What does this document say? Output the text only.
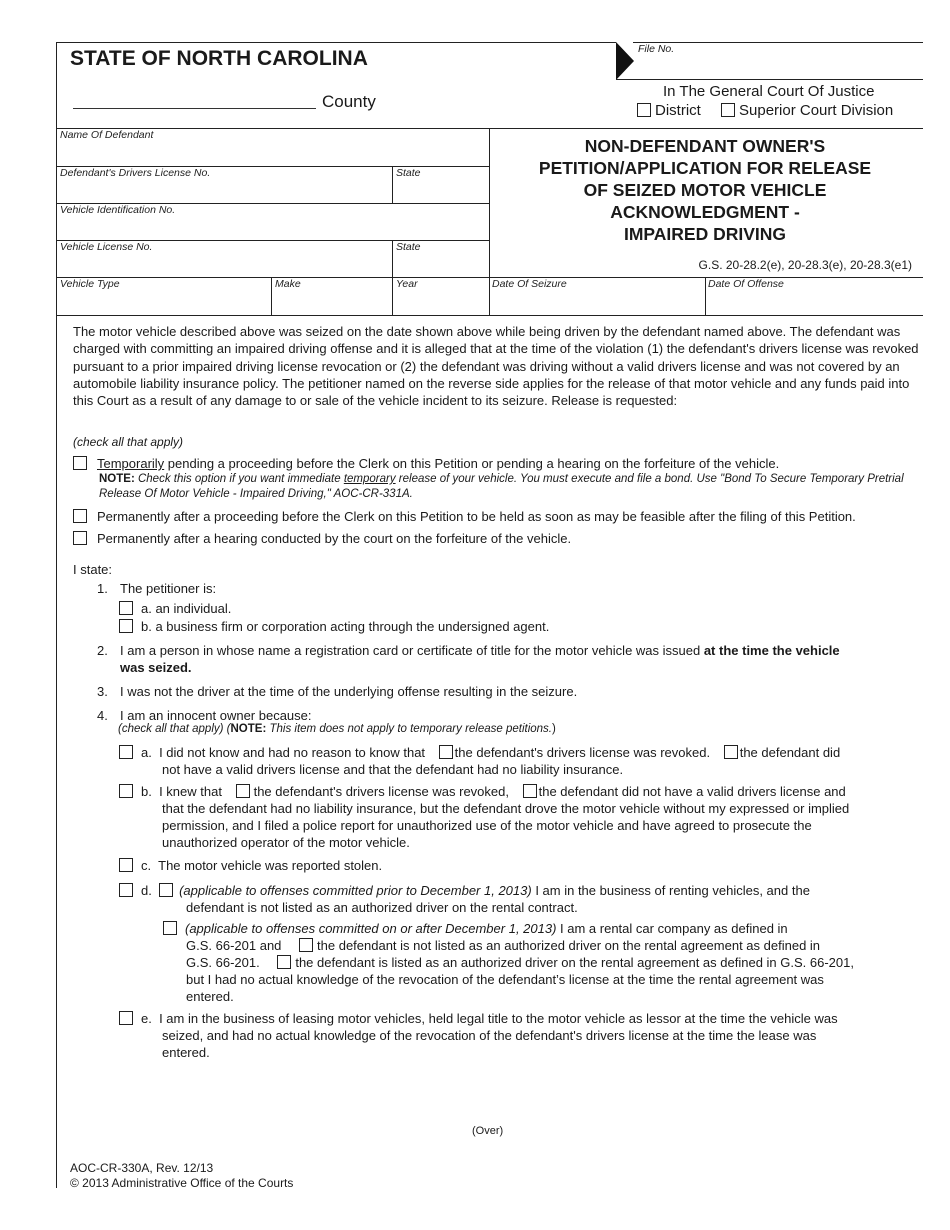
File No.
STATE OF NORTH CAROLINA
County
In The General Court Of Justice
District	Superior Court Division
Name Of Defendant
Defendant's Drivers License No.	State
Vehicle Identification No.
Vehicle License No.	State
Vehicle Type	Make	Year	Date Of Seizure	Date Of Offense
NON-DEFENDANT OWNER'S
PETITION/APPLICATION FOR RELEASE
OF SEIZED MOTOR VEHICLE
ACKNOWLEDGMENT -
IMPAIRED DRIVING
G.S. 20-28.2(e), 20-28.3(e), 20-28.3(e1)
The motor vehicle described above was seized on the date shown above while being driven by the defendant named above. The defendant was charged with committing an impaired driving offense and it is alleged that at the time of the violation (1) the defendant's drivers license was revoked pursuant to a prior impaired driving license revocation or (2) the defendant was driving without a valid drivers license and was not covered by an automobile liability insurance policy. The petitioner named on the reverse side applies for the release of that motor vehicle and any funds paid into this Court as a result of any damage to or sale of the vehicle incident to its seizure. Release is requested:
(check all that apply)
Temporarily pending a proceeding before the Clerk on this Petition or pending a hearing on the forfeiture of the vehicle.
NOTE: Check this option if you want immediate temporary release of your vehicle. You must execute and file a bond. Use "Bond To Secure Temporary Pretrial Release Of Motor Vehicle - Impaired Driving," AOC-CR-331A.
Permanently after a proceeding before the Clerk on this Petition to be held as soon as may be feasible after the filing of this Petition.
Permanently after a hearing conducted by the court on the forfeiture of the vehicle.
I state:
1. The petitioner is:
a. an individual.
b. a business firm or corporation acting through the undersigned agent.
2. I am a person in whose name a registration card or certificate of title for the motor vehicle was issued at the time the vehicle
was seized.
3. I was not the driver at the time of the underlying offense resulting in the seizure.
4. I am an innocent owner because:
(check all that apply) (NOTE: This item does not apply to temporary release petitions.)
a. I did not know and had no reason to know that the defendant's drivers license was revoked. the defendant did
not have a valid drivers license and that the defendant had no liability insurance.
b. I knew that the defendant's drivers license was revoked, the defendant did not have a valid drivers license and
that the defendant had no liability insurance, but the defendant drove the motor vehicle without my expressed or implied
permission, and I filed a police report for unauthorized use of the motor vehicle and have agreed to prosecute the
unauthorized operator of the motor vehicle.
c. The motor vehicle was reported stolen.
d. (applicable to offenses committed prior to December 1, 2013) I am in the business of renting vehicles, and the
defendant is not listed as an authorized driver on the rental contract.
(applicable to offenses committed on or after December 1, 2013) I am a rental car company as defined in
G.S. 66-201 and	the defendant is not listed as an authorized driver on the rental agreement as defined in
G.S. 66-201.	the defendant is listed as an authorized driver on the rental agreement as defined in G.S. 66-201,
but I had no actual knowledge of the revocation of the defendant’s license at the time the rental agreement was
entered.
e. I am in the business of leasing motor vehicles, held legal title to the motor vehicle as lessor at the time the vehicle was
seized, and had no actual knowledge of the revocation of the defendant's drivers license at the time the lease was
entered.
(Over)
AOC-CR-330A, Rev. 12/13
© 2013 Administrative Office of the Courts
